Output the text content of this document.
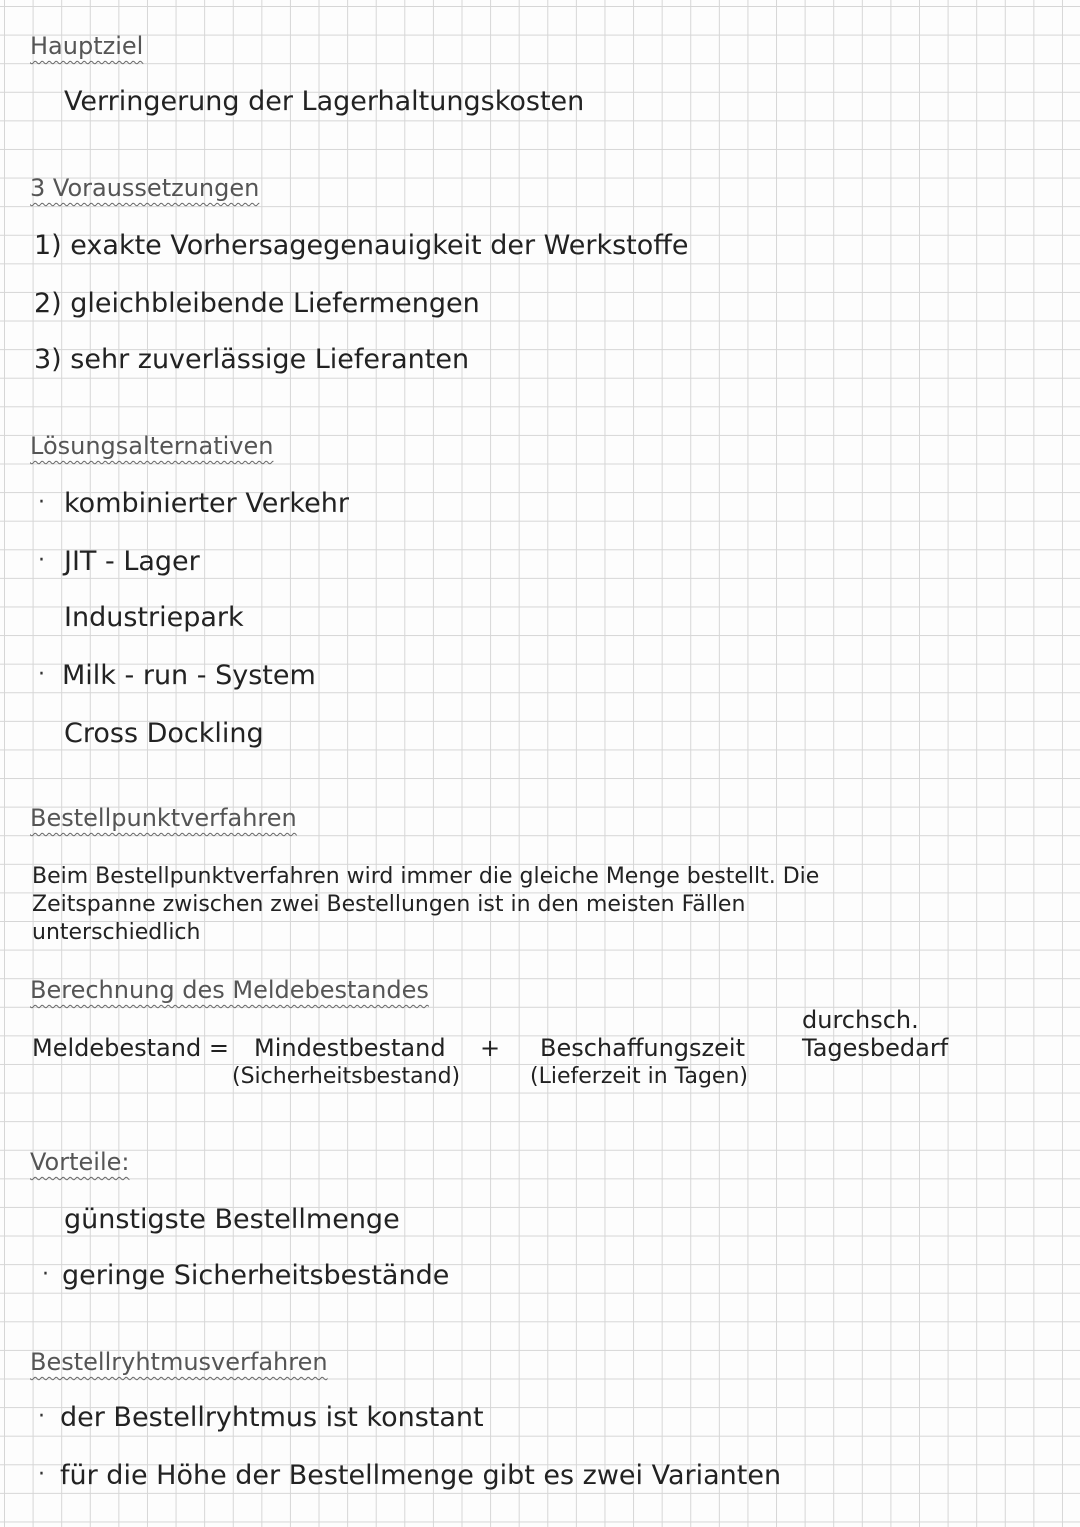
Hauptziel
Verringerung der Lagerhaltungskosten
3 Voraussetzungen
1) exakte Vorhersagegenauigkeit der Werkstoffe
2) gleichbleibende Liefermengen
3) sehr zuverlässige Lieferanten
Lösungsalternativen
· kombinierter Verkehr
· JIT - Lager
Industriepark
· Milk - run - System
Cross Dockling
Bestellpunktverfahren
Beim Bestellpunktverfahren wird immer die gleiche Menge bestellt. Die
Zeitspanne zwischen zwei Bestellungen ist in den meisten Fällen
unterschiedlich
Berechnung des Meldebestandes
Meldebestand = Mindestbestand
(Sicherheitsbestand)
+ Beschaffungszeit
(Lieferzeit in Tagen)
durchsch.
Tagesbedarf
Vorteile:
günstigste Bestellmenge
· geringe Sicherheitsbestände
Bestellryhtmusverfahren
· der Bestellryhtmus ist konstant
· für die Höhe der Bestellmenge gibt es zwei Varianten
